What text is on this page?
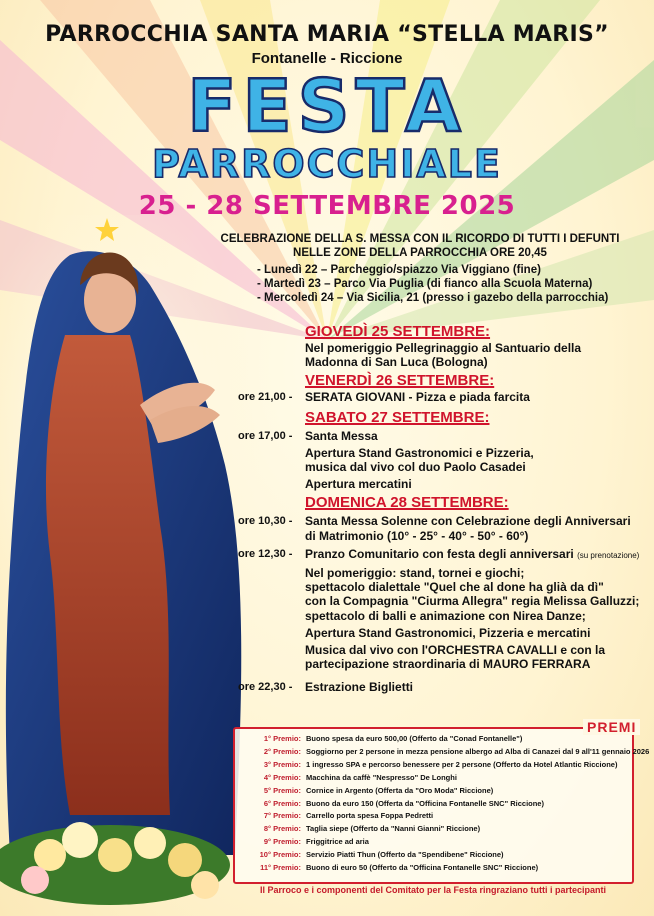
PARROCCHIA SANTA MARIA “STELLA MARIS”
Fontanelle - Riccione
FESTA
PARROCCHIALE
25 - 28 SETTEMBRE 2025
CELEBRAZIONE DELLA S. MESSA CON IL RICORDO DI TUTTI I DEFUNTI
NELLE ZONE DELLA PARROCCHIA ORE 20,45
- Lunedì 22 – Parcheggio/spiazzo Via Viggiano (fine)
- Martedì 23 – Parco Via Puglia (di fianco alla Scuola Materna)
- Mercoledì 24 – Via Sicilia, 21 (presso i gazebo della parrocchia)
GIOVEDÌ 25 SETTEMBRE:
Nel pomeriggio Pellegrinaggio al Santuario della
Madonna di San Luca (Bologna)
VENERDÌ 26 SETTEMBRE:
ore 21,00 -	SERATA GIOVANI - Pizza e piada farcita
SABATO 27 SETTEMBRE:
ore 17,00 -	Santa Messa
Apertura Stand Gastronomici e Pizzeria,
musica dal vivo col duo Paolo Casadei
Apertura mercatini
DOMENICA 28 SETTEMBRE:
ore 10,30 -	Santa Messa Solenne con Celebrazione degli Anniversari
di Matrimonio (10° - 25° - 40° - 50° - 60°)
ore 12,30 -	Pranzo Comunitario con festa degli anniversari (su prenotazione)
Nel pomeriggio: stand, tornei e giochi;
spettacolo dialettale "Quel che al done ha glià da dì"
con la Compagnia "Ciurma Allegra" regia Melissa Galluzzi;
spettacolo di balli e animazione con Nirea Danze;
Apertura Stand Gastronomici, Pizzeria e mercatini
Musica dal vivo con l'ORCHESTRA CAVALLI e con la
partecipazione straordinaria di MAURO FERRARA
ore 22,30 -	Estrazione Biglietti
1° Premio: Buono spesa da euro 500,00 (Offerto da "Conad Fontanelle")
2° Premio: Soggiorno per 2 persone in mezza pensione albergo ad Alba di Canazei dal 9 all'11 gennaio 2026
3° Premio: 1 ingresso SPA e percorso benessere per 2 persone (Offerto da Hotel Atlantic Riccione)
4° Premio: Macchina da caffè "Nespresso" De Longhi
5° Premio: Cornice in Argento (Offerta da "Oro Moda" Riccione)
6° Premio: Buono da euro 150 (Offerta da "Officina Fontanelle SNC" Riccione)
7° Premio: Carrello porta spesa Foppa Pedretti
8° Premio: Taglia siepe (Offerto da "Nanni Gianni" Riccione)
9° Premio: Friggitrice ad aria
10° Premio: Servizio Piatti Thun (Offerto da "Spendibene" Riccione)
11° Premio: Buono di euro 50 (Offerto da "Officina Fontanelle SNC" Riccione)
PREMI
Il Parroco e i componenti del Comitato per la Festa ringraziano tutti i partecipanti
